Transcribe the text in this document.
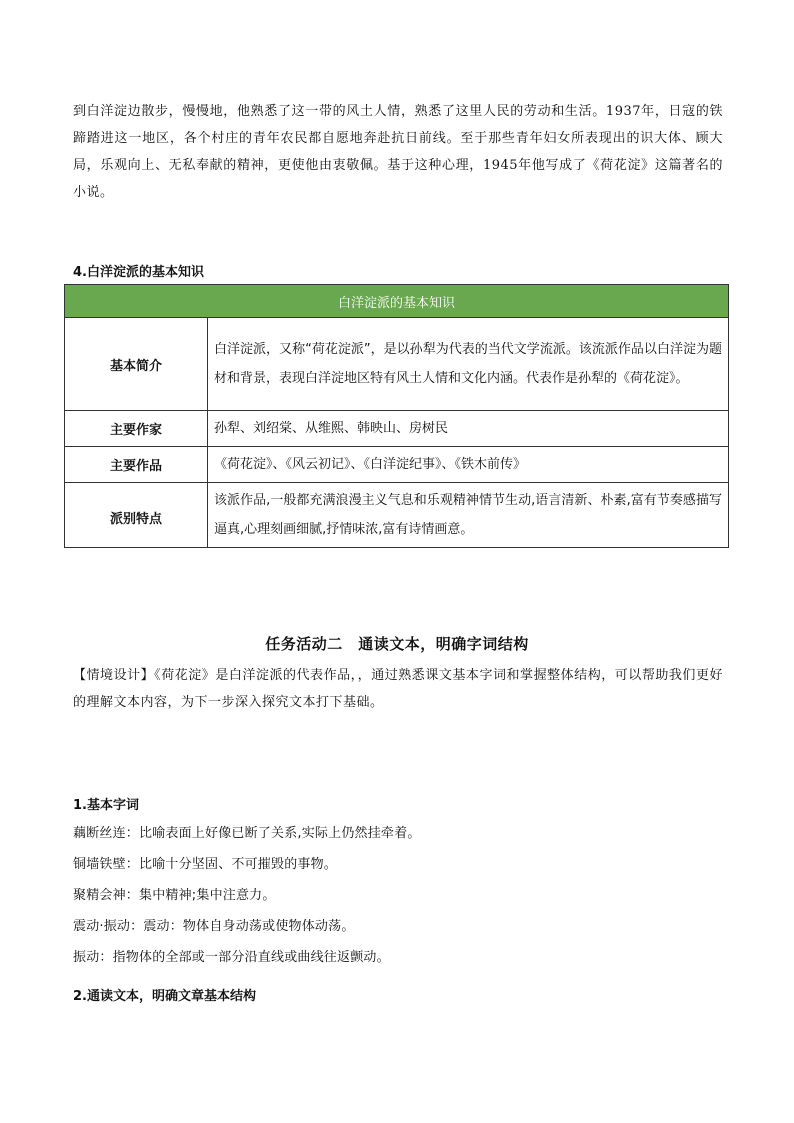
到白洋淀边散步，慢慢地，他熟悉了这一带的风土人情，熟悉了这里人民的劳动和生活。1937年，日寇的铁蹄踏进这一地区，各个村庄的青年农民都自愿地奔赴抗日前线。至于那些青年妇女所表现出的识大体、顾大局，乐观向上、无私奉献的精神，更使他由衷敬佩。基于这种心理，1945年他写成了《荷花淀》这篇著名的小说。

4.白洋淀派的基本知识
白洋淀派的基本知识	
基本简介	白洋淀派，又称“荷花淀派”，是以孙犁为代表的当代文学流派。该流派作品以白洋淀为题材和背景，表现白洋淀地区特有风土人情和文化内涵。代表作是孙犁的《荷花淀》。
主要作家	孙犁、刘绍棠、从维熙、韩映山、房树民
主要作品	《荷花淀》、《风云初记》、《白洋淀纪事》、《铁木前传》
派别特点	该派作品,一般都充满浪漫主义气息和乐观精神情节生动,语言清新、朴素,富有节奏感描写逼真,心理刻画细腻,抒情味浓,富有诗情画意。
任务活动二　通读文本，明确字词结构

【情境设计】《荷花淀》是白洋淀派的代表作品，，通过熟悉课文基本字词和掌握整体结构，可以帮助我们更好的理解文本内容，为下一步深入探究文本打下基础。

1.基本字词
藕断丝连：比喻表面上好像已断了关系,实际上仍然挂牵着。
铜墙铁壁：比喻十分坚固、不可摧毁的事物。
聚精会神：集中精神;集中注意力。
震动·振动：震动：物体自身动荡或使物体动荡。
振动：指物体的全部或一部分沿直线或曲线往返颤动。
2.通读文本，明确文章基本结构
